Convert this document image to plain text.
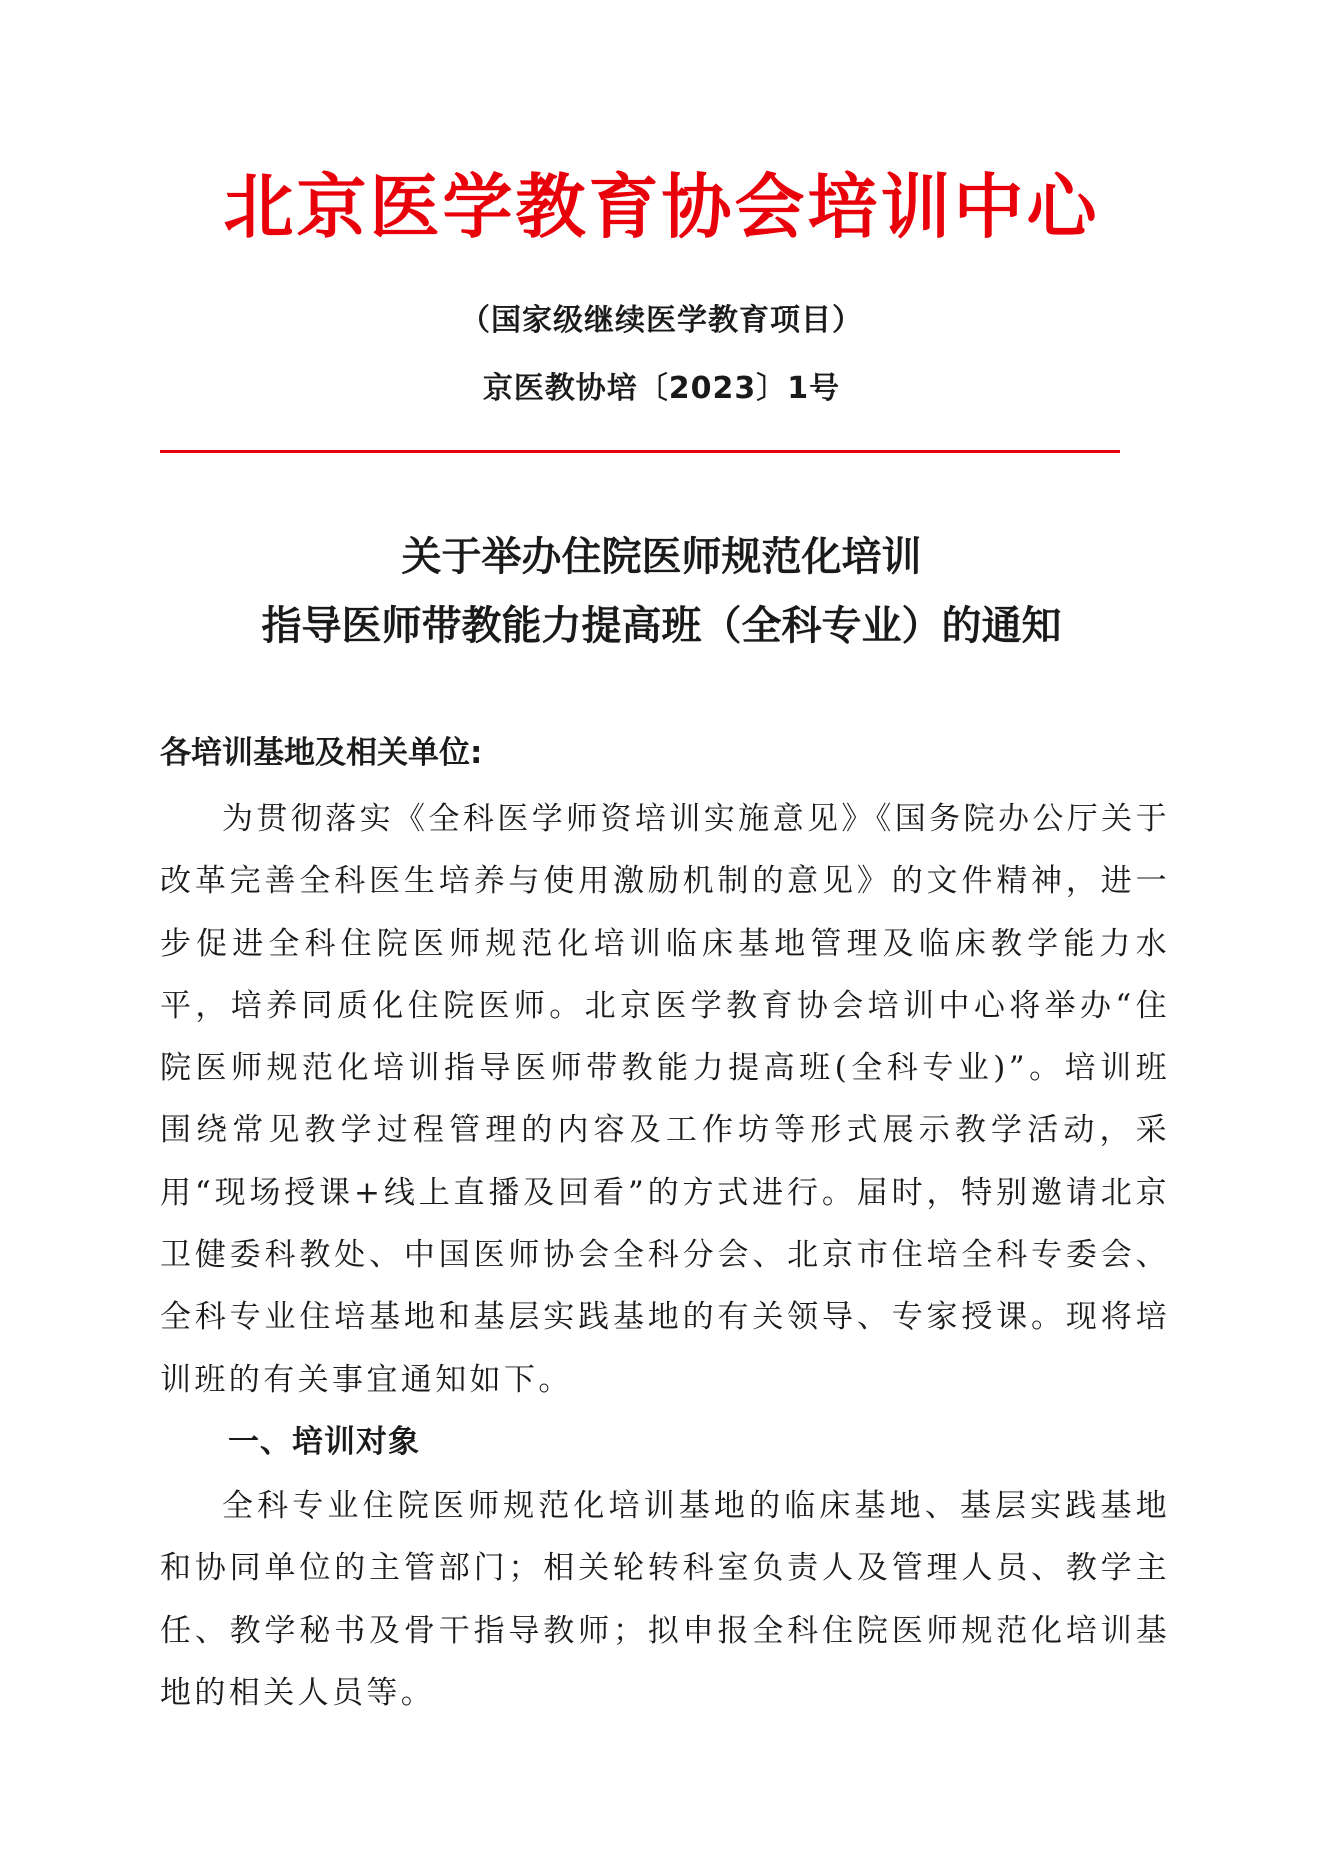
北京医学教育协会培训中心
（国家级继续医学教育项目）
京医教协培〔2023〕1号
关于举办住院医师规范化培训
指导医师带教能力提高班（全科专业）的通知
各培训基地及相关单位:

为贯彻落实《全科医学师资培训实施意见》《国务院办公厅关于改革完善全科医生培养与使用激励机制的意见》的文件精神，进一步促进全科住院医师规范化培训临床基地管理及临床教学能力水平，培养同质化住院医师。北京医学教育协会培训中心将举办“住院医师规范化培训指导医师带教能力提高班(全科专业)”。培训班围绕常见教学过程管理的内容及工作坊等形式展示教学活动，采用“现场授课+线上直播及回看”的方式进行。届时，特别邀请北京卫健委科教处、中国医师协会全科分会、北京市住培全科专委会、全科专业住培基地和基层实践基地的有关领导、专家授课。现将培训班的有关事宜通知如下。

一、培训对象

全科专业住院医师规范化培训基地的临床基地、基层实践基地和协同单位的主管部门；相关轮转科室负责人及管理人员、教学主任、教学秘书及骨干指导教师；拟申报全科住院医师规范化培训基地的相关人员等。
